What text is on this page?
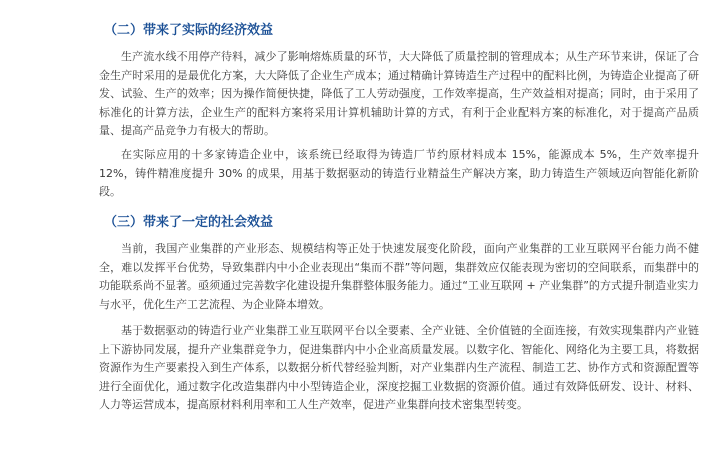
（二）带来了实际的经济效益

生产流水线不用停产待料，减少了影响熔炼质量的环节，大大降低了质量控制的管理成本；从生产环节来讲，保证了合金生产时采用的是最优化方案，大大降低了企业生产成本；通过精确计算铸造生产过程中的配料比例，为铸造企业提高了研发、试验、生产的效率；因为操作简便快捷，降低了工人劳动强度，工作效率提高，生产效益相对提高；同时，由于采用了标准化的计算方法，企业生产的配料方案将采用计算机辅助计算的方式，有利于企业配料方案的标准化，对于提高产品质量、提高产品竞争力有极大的帮助。

在实际应用的十多家铸造企业中，该系统已经取得为铸造厂节约原材料成本 15%，能源成本 5%，生产效率提升 12%，铸件精准度提升 30% 的成果，用基于数据驱动的铸造行业精益生产解决方案，助力铸造生产领域迈向智能化新阶段。

（三）带来了一定的社会效益

当前，我国产业集群的产业形态、规模结构等正处于快速发展变化阶段，面向产业集群的工业互联网平台能力尚不健全，难以发挥平台优势，导致集群内中小企业表现出“集而不群”等问题，集群效应仅能表现为密切的空间联系，而集群中的功能联系尚不显著。亟须通过完善数字化建设提升集群整体服务能力。通过“工业互联网 + 产业集群”的方式提升制造业实力与水平，优化生产工艺流程、为企业降本增效。

基于数据驱动的铸造行业产业集群工业互联网平台以全要素、全产业链、全价值链的全面连接，有效实现集群内产业链上下游协同发展，提升产业集群竞争力，促进集群内中小企业高质量发展。以数字化、智能化、网络化为主要工具，将数据资源作为生产要素投入到生产体系，以数据分析代替经验判断，对产业集群内生产流程、制造工艺、协作方式和资源配置等进行全面优化，通过数字化改造集群内中小型铸造企业，深度挖掘工业数据的资源价值。通过有效降低研发、设计、材料、人力等运营成本，提高原材料利用率和工人生产效率，促进产业集群向技术密集型转变。
